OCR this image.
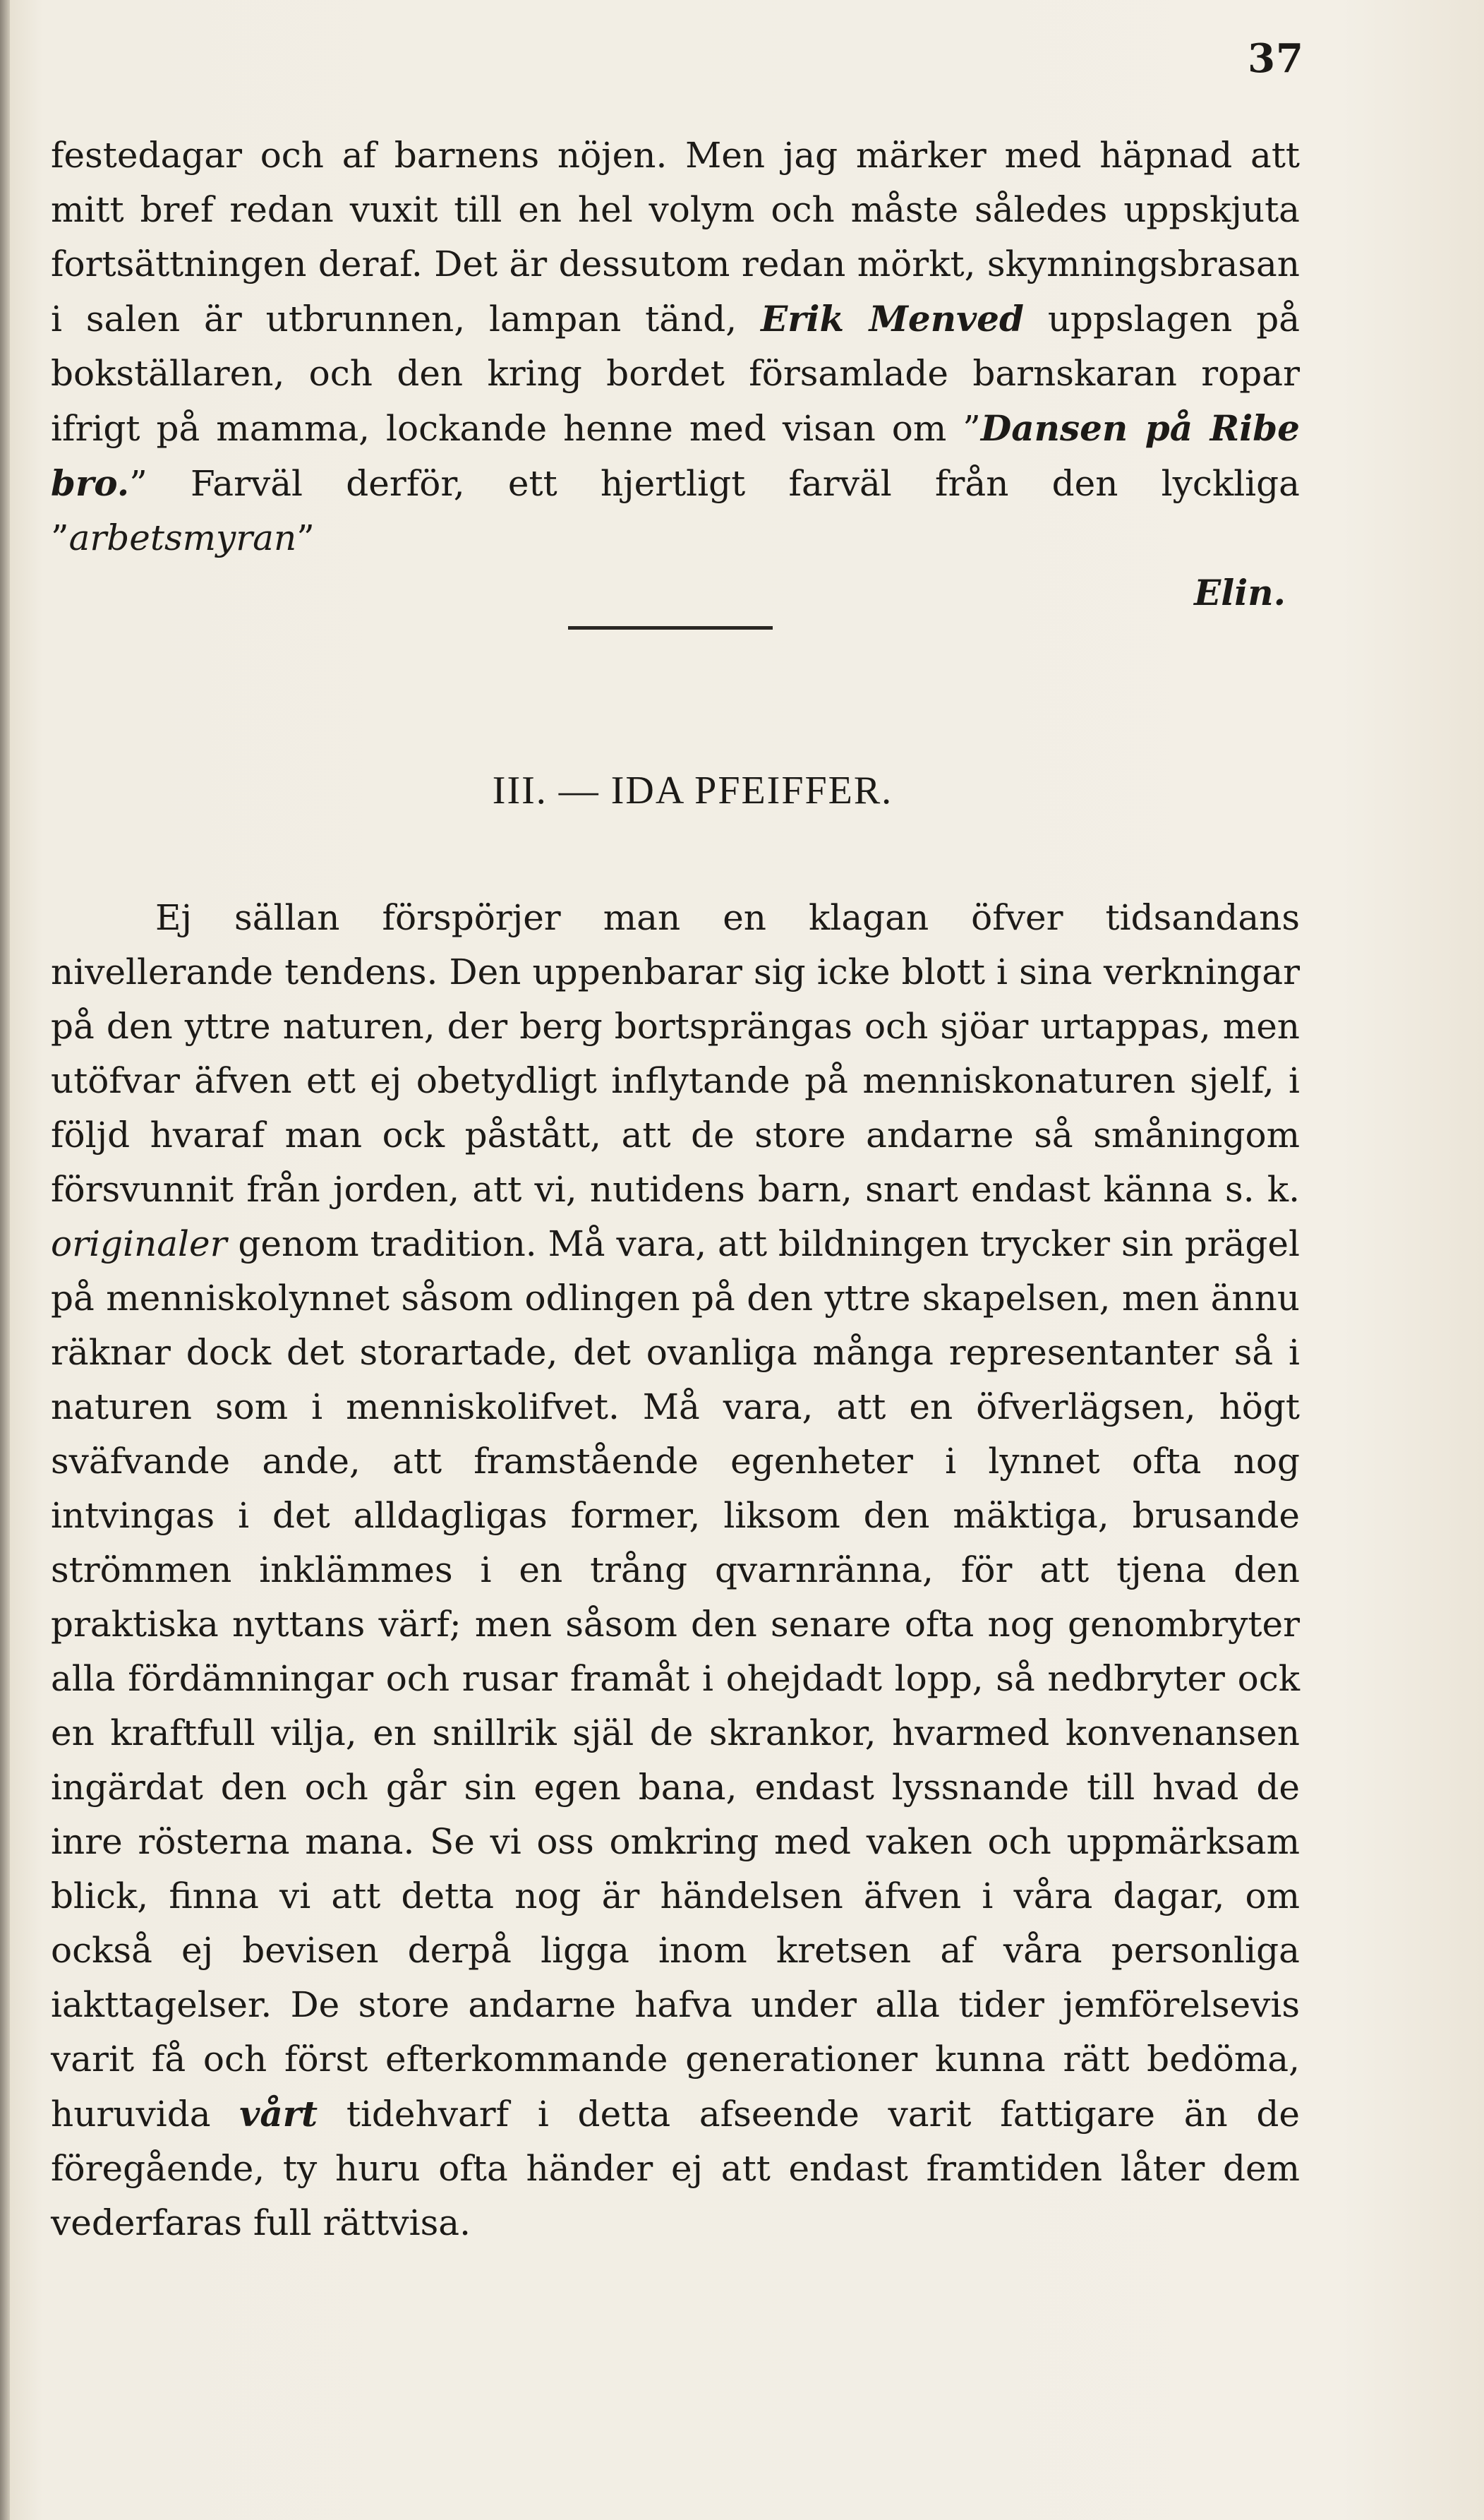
37

festedagar och af barnens nöjen. Men jag märker med häpnad att mitt bref redan vuxit till en hel volym och måste således uppskjuta fortsättningen deraf. Det är dessutom redan mörkt, skymningsbrasan i salen är utbrunnen, lampan tänd, Erik Menved uppslagen på bokställaren, och den kring bordet församlade barnskaran ropar ifrigt på mamma, lockande henne med visan om ”Dansen på Ribe bro.” Farväl derför, ett hjertligt farväl från den lyckliga ”arbetsmyran”

Elin.

III. — IDA PFEIFFER.

Ej sällan förspörjer man en klagan öfver tidsandans nivellerande tendens. Den uppenbarar sig icke blott i sina verkningar på den yttre naturen, der berg bortsprängas och sjöar urtappas, men utöfvar äfven ett ej obetydligt inflytande på menniskonaturen sjelf, i följd hvaraf man ock påstått, att de store andarne så småningom försvunnit från jorden, att vi, nutidens barn, snart endast känna s. k. originaler genom tradition. Må vara, att bildningen trycker sin prägel på menniskolynnet såsom odlingen på den yttre skapelsen, men ännu räknar dock det storartade, det ovanliga många representanter så i naturen som i menniskolifvet. Må vara, att en öfverlägsen, högt sväfvande ande, att framstående egenheter i lynnet ofta nog intvingas i det alldagligas former, liksom den mäktiga, brusande strömmen inklämmes i en trång qvarnränna, för att tjena den praktiska nyttans värf; men såsom den senare ofta nog genombryter alla fördämningar och rusar framåt i ohejdadt lopp, så nedbryter ock en kraftfull vilja, en snillrik själ de skrankor, hvarmed konvenansen ingärdat den och går sin egen bana, endast lyssnande till hvad de inre rösterna mana. Se vi oss omkring med vaken och uppmärksam blick, finna vi att detta nog är händelsen äfven i våra dagar, om också ej bevisen derpå ligga inom kretsen af våra personliga iakttagelser. De store andarne hafva under alla tider jemförelsevis varit få och först efterkommande generationer kunna rätt bedöma, huruvida vårt tidehvarf i detta afseende varit fattigare än de föregående, ty huru ofta händer ej att endast framtiden låter dem vederfaras full rättvisa.
